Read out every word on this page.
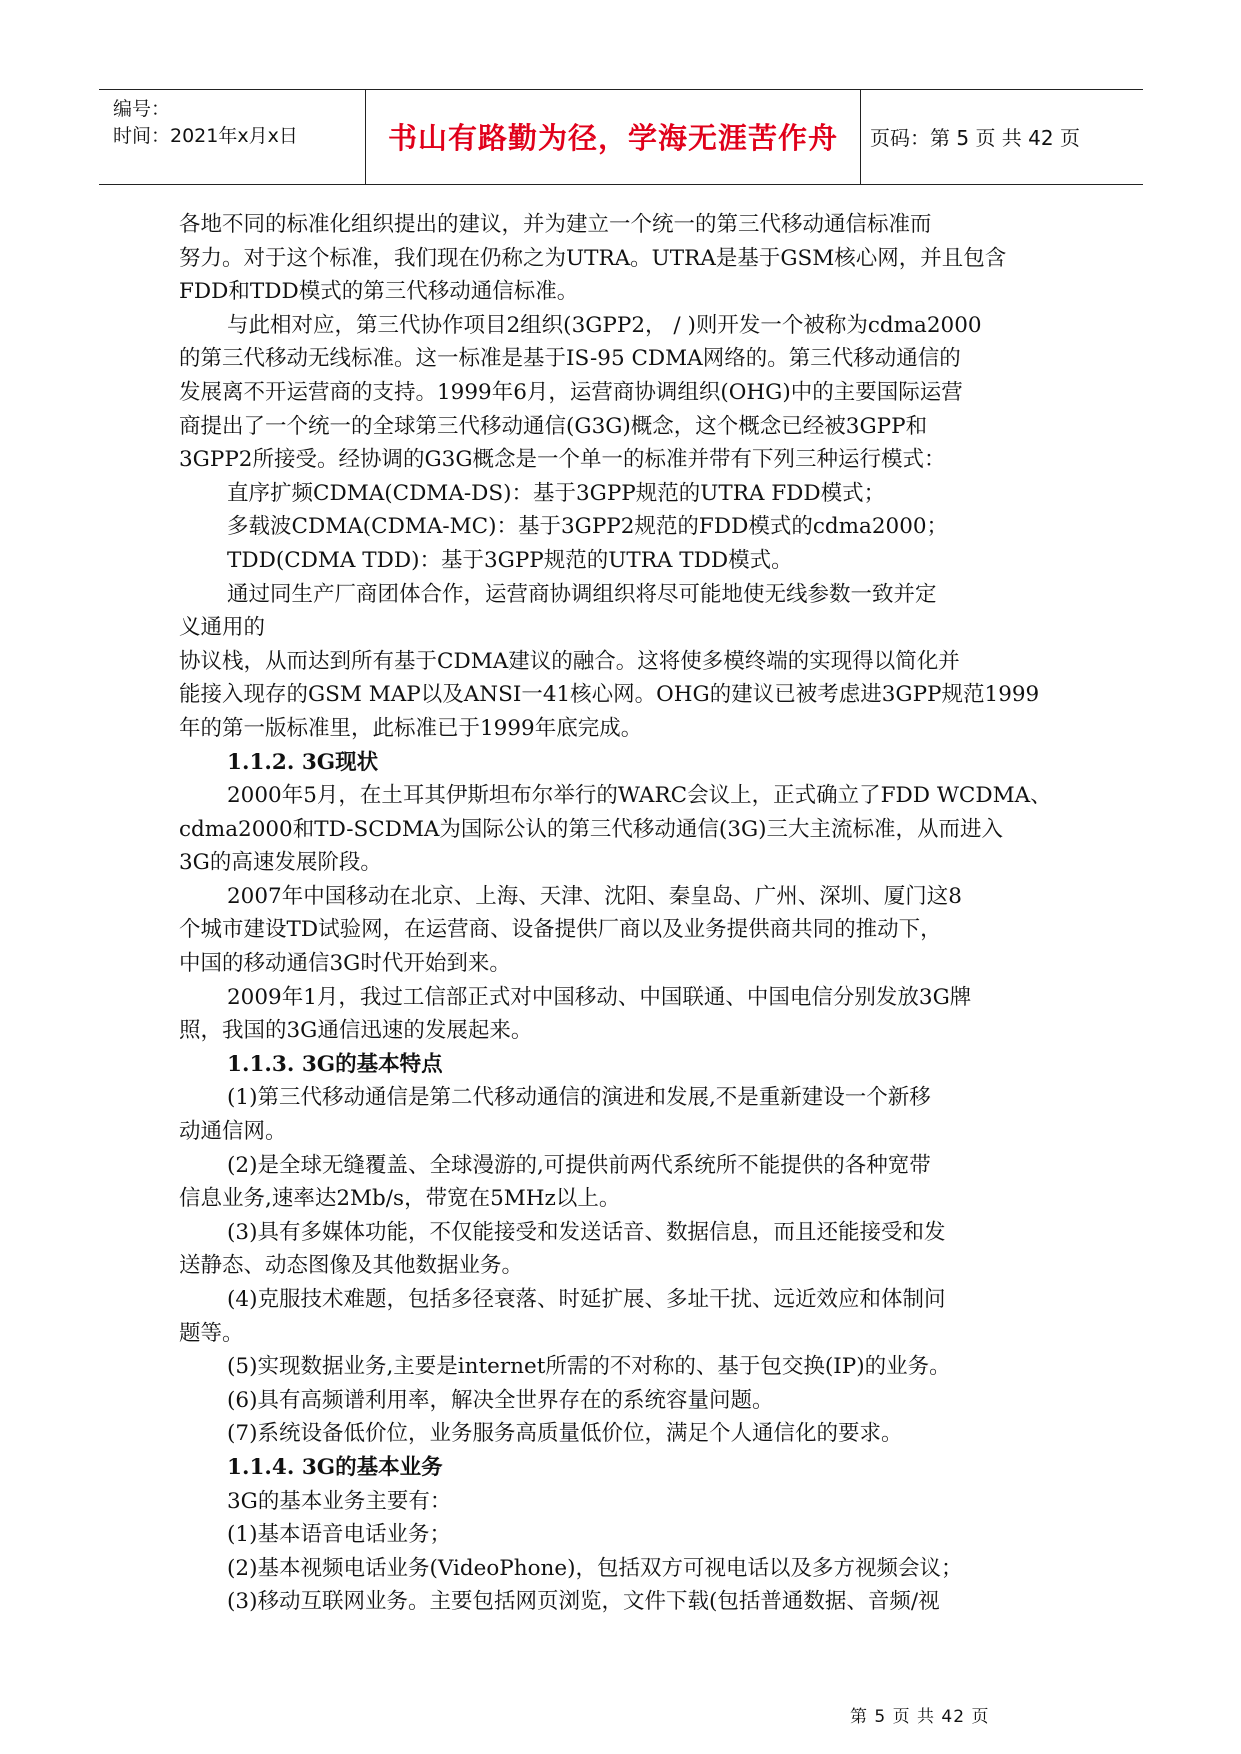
编号：
时间：2021年x月x日	书山有路勤为径，学海无涯苦作舟	页码：第 5 页 共 42 页
各地不同的标准化组织提出的建议，并为建立一个统一的第三代移动通信标准而
努力。对于这个标准，我们现在仍称之为UTRA。UTRA是基于GSM核心网，并且包含
FDD和TDD模式的第三代移动通信标准。
与此相对应，第三代协作项目2组织(3GPP2， / )则开发一个被称为cdma2000
的第三代移动无线标准。这一标准是基于IS-95 CDMA网络的。第三代移动通信的
发展离不开运营商的支持。1999年6月，运营商协调组织(OHG)中的主要国际运营
商提出了一个统一的全球第三代移动通信(G3G)概念，这个概念已经被3GPP和
3GPP2所接受。经协调的G3G概念是一个单一的标准并带有下列三种运行模式：
直序扩频CDMA(CDMA-DS)：基于3GPP规范的UTRA FDD模式；
多载波CDMA(CDMA-MC)：基于3GPP2规范的FDD模式的cdma2000；
TDD(CDMA TDD)：基于3GPP规范的UTRA TDD模式。
通过同生产厂商团体合作，运营商协调组织将尽可能地使无线参数一致并定
义通用的
协议栈，从而达到所有基于CDMA建议的融合。这将使多模终端的实现得以简化并
能接入现存的GSM MAP以及ANSI一41核心网。OHG的建议已被考虑进3GPP规范1999
年的第一版标准里，此标准已于1999年底完成。
1.1.2. 3G现状
2000年5月，在土耳其伊斯坦布尔举行的WARC会议上，正式确立了FDD WCDMA、
cdma2000和TD-SCDMA为国际公认的第三代移动通信(3G)三大主流标准，从而进入
3G的高速发展阶段。
2007年中国移动在北京、上海、天津、沈阳、秦皇岛、广州、深圳、厦门这8
个城市建设TD试验网，在运营商、设备提供厂商以及业务提供商共同的推动下，
中国的移动通信3G时代开始到来。
2009年1月，我过工信部正式对中国移动、中国联通、中国电信分别发放3G牌
照，我国的3G通信迅速的发展起来。
1.1.3. 3G的基本特点
(1)第三代移动通信是第二代移动通信的演进和发展,不是重新建设一个新移
动通信网。
(2)是全球无缝覆盖、全球漫游的,可提供前两代系统所不能提供的各种宽带
信息业务,速率达2Mb/s，带宽在5MHz以上。
(3)具有多媒体功能，不仅能接受和发送话音、数据信息，而且还能接受和发
送静态、动态图像及其他数据业务。
(4)克服技术难题，包括多径衰落、时延扩展、多址干扰、远近效应和体制问
题等。
(5)实现数据业务,主要是internet所需的不对称的、基于包交换(IP)的业务。
(6)具有高频谱利用率，解决全世界存在的系统容量问题。
(7)系统设备低价位，业务服务高质量低价位，满足个人通信化的要求。
1.1.4. 3G的基本业务
3G的基本业务主要有：
(1)基本语音电话业务；
(2)基本视频电话业务(VideoPhone)，包括双方可视电话以及多方视频会议；
(3)移动互联网业务。主要包括网页浏览，文件下载(包括普通数据、音频/视
第 5 页 共 42 页
